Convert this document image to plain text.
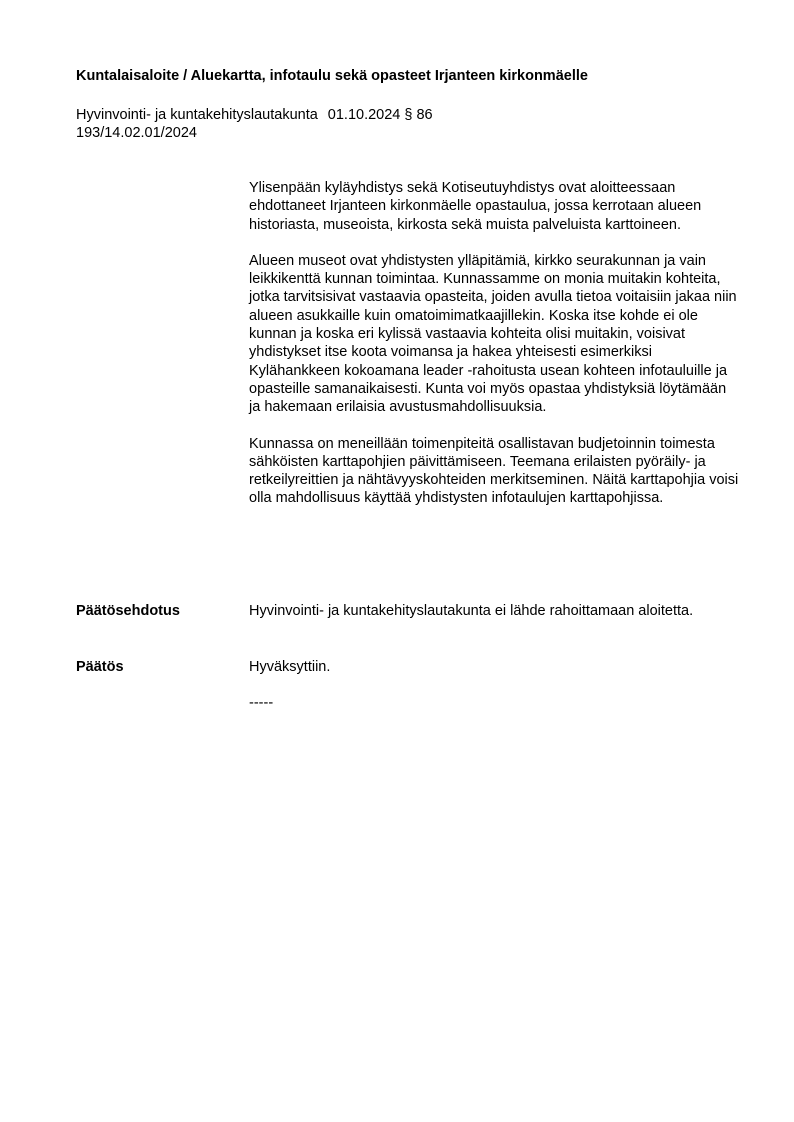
Kuntalaisaloite / Aluekartta, infotaulu sekä opasteet Irjanteen kirkonmäelle
Hyvinvointi- ja kuntakehityslautakunta 01.10.2024 § 86
193/14.02.01/2024

Ylisenpään kyläyhdistys sekä Kotiseutuyhdistys ovat aloitteessaan ehdottaneet Irjanteen kirkonmäelle opastaulua, jossa kerrotaan alueen historiasta, museoista, kirkosta sekä muista palveluista karttoineen.

Alueen museot ovat yhdistysten ylläpitämiä, kirkko seurakunnan ja vain leikkikenttä kunnan toimintaa. Kunnassamme on monia muitakin kohteita, jotka tarvitsisivat vastaavia opasteita, joiden avulla tietoa voitaisiin jakaa niin alueen asukkaille kuin omatoimimatkaajillekin. Koska itse kohde ei ole kunnan ja koska eri kylissä vastaavia kohteita olisi muitakin, voisivat yhdistykset itse koota voimansa ja hakea yhteisesti esimerkiksi Kylähankkeen kokoamana leader -rahoitusta usean kohteen infotauluille ja opasteille samanaikaisesti. Kunta voi myös opastaa yhdistyksiä löytämään ja hakemaan erilaisia avustusmahdollisuuksia.

Kunnassa on meneillään toimenpiteitä osallistavan budjetoinnin toimesta sähköisten karttapohjien päivittämiseen. Teemana erilaisten pyöräily- ja retkeilyreittien ja nähtävyyskohteiden merkitseminen. Näitä karttapohjia voisi olla mahdollisuus käyttää yhdistysten infotaulujen karttapohjissa.

Päätösehdotus	Hyvinvointi- ja kuntakehityslautakunta ei lähde rahoittamaan aloitetta.
Päätös	Hyväksyttiin.
-----
